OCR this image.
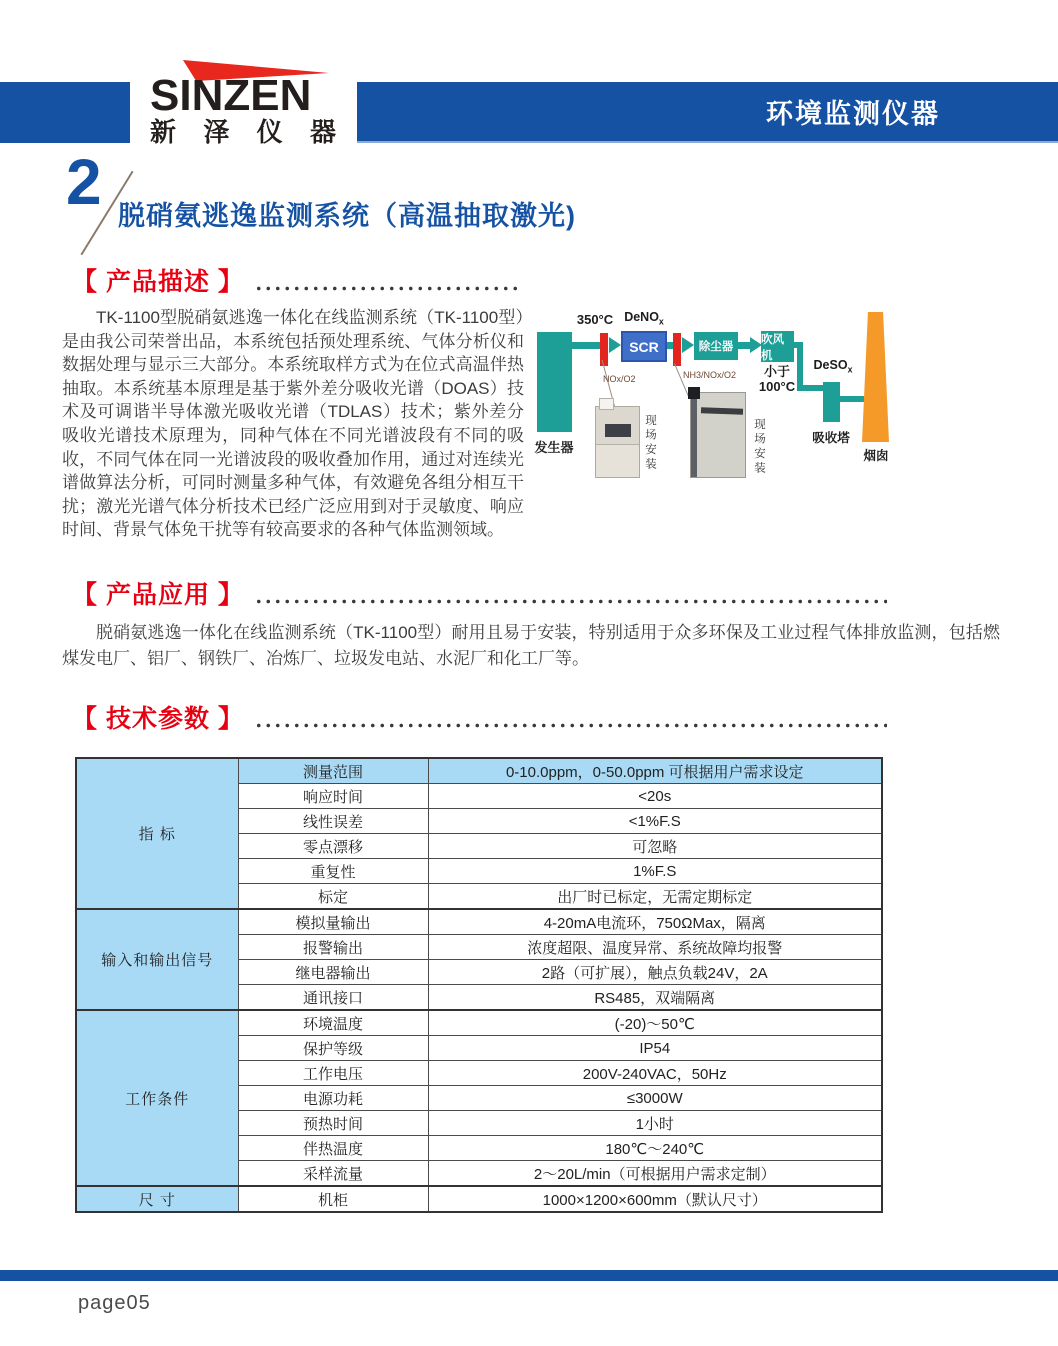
环境监测仪器
SINZEN
新 泽 仪 器
2 脱硝氨逃逸监测系统（高温抽取激光)
【 产品描述 】
TK-1100型脱硝氨逃逸一体化在线监测系统（TK-1100型）是由我公司荣誉出品，本系统包括预处理系统、气体分析仪和数据处理与显示三大部分。本系统取样方式为在位式高温伴热抽取。本系统基本原理是基于紫外差分吸收光谱（DOAS）技术及可调谐半导体激光吸收光谱（TDLAS）技术；紫外差分吸收光谱技术原理为，同种气体在不同光谱波段有不同的吸收，不同气体在同一光谱波段的吸收叠加作用，通过对连续光谱做算法分析，可同时测量多种气体，有效避免各组分相互干扰；激光光谱气体分析技术已经广泛应用到对于灵敏度、响应时间、背景气体免干扰等有较高要求的各种气体监测领域。
发生器
350°C DeNO$_x$
SCR	除尘器
吹风机
小于
100°C
DeSO$_x$
吸收塔
烟囱
NOx/O2	NH3/NOx/O2
现场安装	现场安装
【 产品应用 】
脱硝氨逃逸一体化在线监测系统（TK-1100型）耐用且易于安装，特别适用于众多环保及工业过程气体排放监测，包括燃煤发电厂、铝厂、钢铁厂、冶炼厂、垃圾发电站、水泥厂和化工厂等。
【 技术参数 】
指 标	测量范围	0-10.0ppm，0-50.0ppm 可根据用户需求设定
	响应时间	<20s
	线性误差	<1%F.S
	零点漂移	可忽略
	重复性	1%F.S
	标定	出厂时已标定，无需定期标定
输入和输出信号	模拟量输出	4-20mA电流环，750ΩMax，隔离
	报警输出	浓度超限、温度异常、系统故障均报警
	继电器输出	2路（可扩展），触点负载24V，2A
	通讯接口	RS485，双端隔离
工作条件	环境温度	(-20)～50℃
	保护等级	IP54
	工作电压	200V-240VAC，50Hz
	电源功耗	≤3000W
	预热时间	1小时
	伴热温度	180℃～240℃
	采样流量	2～20L/min（可根据用户需求定制）
尺 寸	机柜	1000×1200×600mm（默认尺寸）
page05
